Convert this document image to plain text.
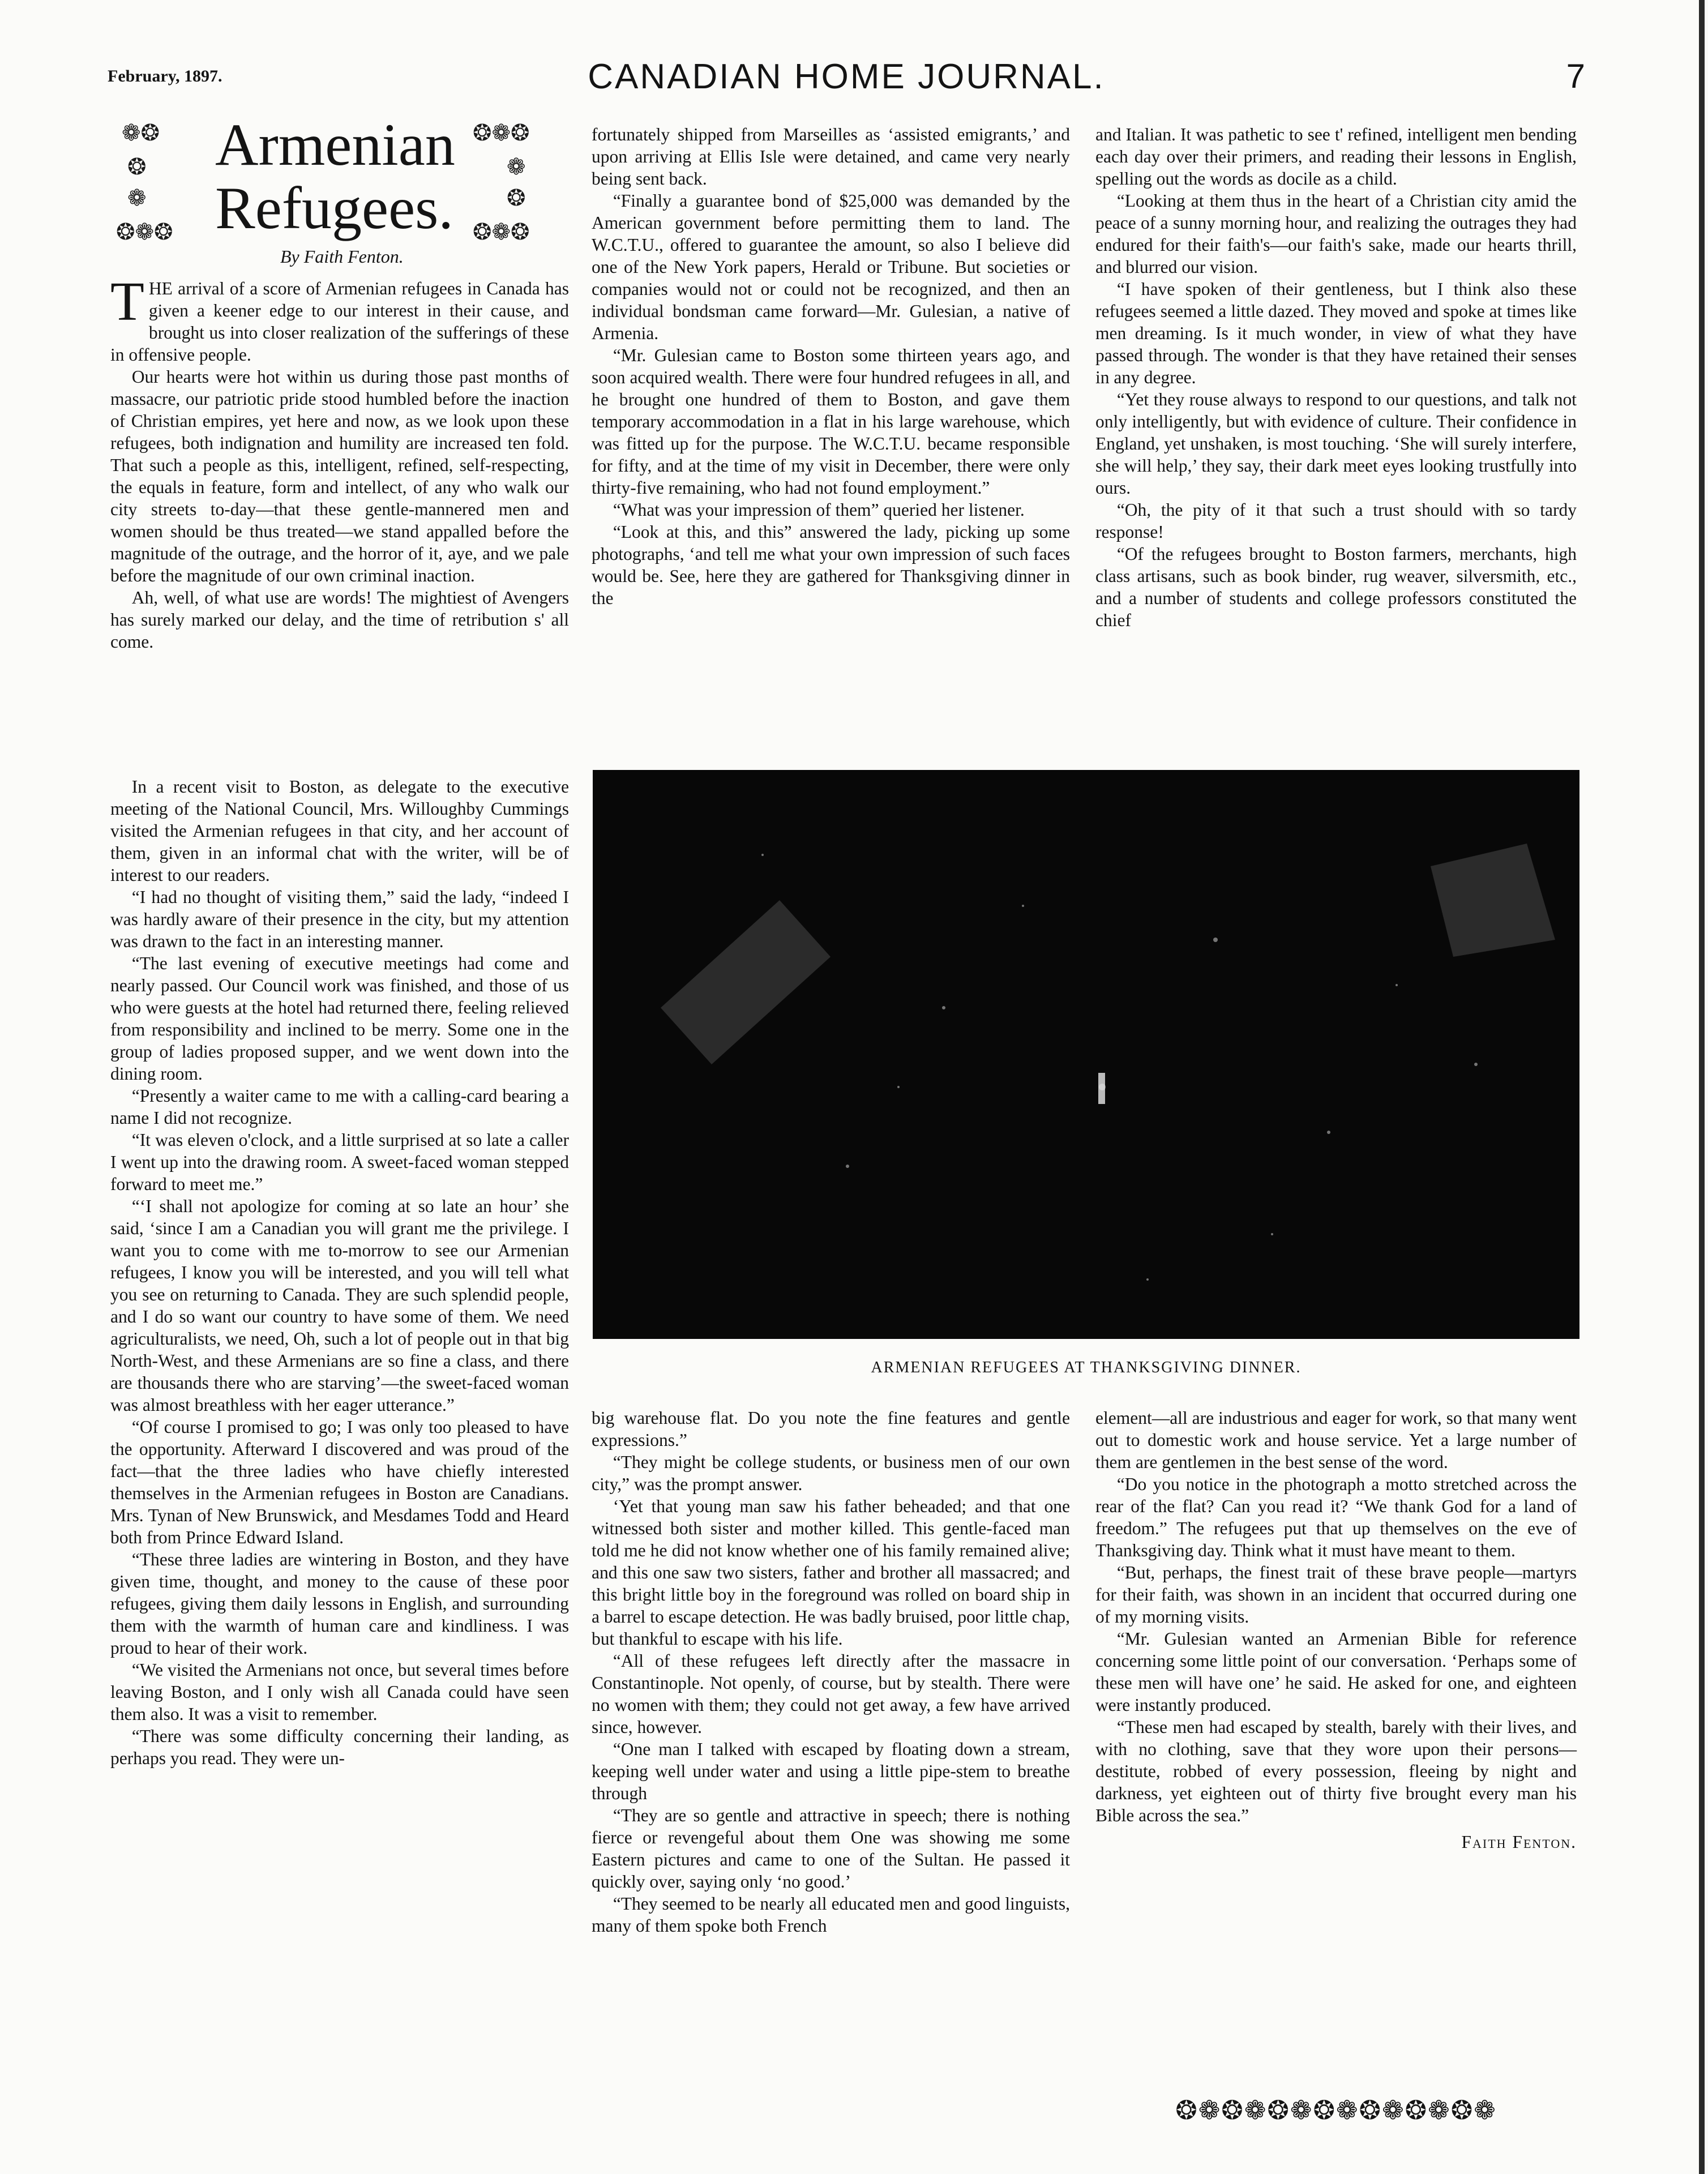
February, 1897.	CANADIAN HOME JOURNAL.	7
❁❂
❂
❁
❂❁❂
Armenian
Refugees.
❂❁❂
❁
❂
❂❁❂
By Faith Fenton.

THE arrival of a score of Armenian refugees in Canada has given a keener edge to our interest in their cause, and brought us into closer realization of the sufferings of these in offensive people.

Our hearts were hot within us during those past months of massacre, our patriotic pride stood humbled before the inaction of Christian empires, yet here and now, as we look upon these refugees, both indignation and humility are increased ten fold. That such a people as this, intelligent, refined, self-respecting, the equals in feature, form and intellect, of any who walk our city streets to-day—that these gentle-mannered men and women should be thus treated—we stand appalled before the magnitude of the outrage, and the horror of it, aye, and we pale before the magnitude of our own criminal inaction.

Ah, well, of what use are words! The mightiest of Avengers has surely marked our delay, and the time of retribution s' all come.

In a recent visit to Boston, as delegate to the executive meeting of the National Council, Mrs. Willoughby Cummings visited the Armenian refugees in that city, and her account of them, given in an informal chat with the writer, will be of interest to our readers.

“I had no thought of visiting them,” said the lady, “indeed I was hardly aware of their presence in the city, but my attention was drawn to the fact in an interesting manner.

“The last evening of executive meetings had come and nearly passed. Our Council work was finished, and those of us who were guests at the hotel had returned there, feeling relieved from responsibility and inclined to be merry. Some one in the group of ladies proposed supper, and we went down into the dining room.

“Presently a waiter came to me with a calling-card bearing a name I did not recognize.

“It was eleven o'clock, and a little surprised at so late a caller I went up into the drawing room. A sweet-faced woman stepped forward to meet me.”

“‘I shall not apologize for coming at so late an hour’ she said, ‘since I am a Canadian you will grant me the privilege. I want you to come with me to-morrow to see our Armenian refugees, I know you will be interested, and you will tell what you see on returning to Canada. They are such splendid people, and I do so want our country to have some of them. We need agriculturalists, we need, Oh, such a lot of people out in that big North-West, and these Armenians are so fine a class, and there are thousands there who are starving’—the sweet-faced woman was almost breathless with her eager utterance.”

“Of course I promised to go; I was only too pleased to have the opportunity. Afterward I discovered and was proud of the fact—that the three ladies who have chiefly interested themselves in the Armenian refugees in Boston are Canadians. Mrs. Tynan of New Brunswick, and Mesdames Todd and Heard both from Prince Edward Island.

“These three ladies are wintering in Boston, and they have given time, thought, and money to the cause of these poor refugees, giving them daily lessons in English, and surrounding them with the warmth of human care and kindliness. I was proud to hear of their work.

“We visited the Armenians not once, but several times before leaving Boston, and I only wish all Canada could have seen them also. It was a visit to remember.

“There was some difficulty concerning their landing, as perhaps you read. They were un-

fortunately shipped from Marseilles as ‘assisted emigrants,’ and upon arriving at Ellis Isle were detained, and came very nearly being sent back.

“Finally a guarantee bond of $25,000 was demanded by the American government before permitting them to land. The W.C.T.U., offered to guarantee the amount, so also I believe did one of the New York papers, Herald or Tribune. But societies or companies would not or could not be recognized, and then an individual bondsman came forward—Mr. Gulesian, a native of Armenia.

“Mr. Gulesian came to Boston some thirteen years ago, and soon acquired wealth. There were four hundred refugees in all, and he brought one hundred of them to Boston, and gave them temporary accommodation in a flat in his large warehouse, which was fitted up for the purpose. The W.C.T.U. became responsible for fifty, and at the time of my visit in December, there were only thirty-five remaining, who had not found employment.”

“What was your impression of them” queried her listener.

“Look at this, and this” answered the lady, picking up some photographs, ‘and tell me what your own impression of such faces would be. See, here they are gathered for Thanksgiving dinner in the

and Italian. It was pathetic to see t' refined, intelligent men bending each day over their primers, and reading their lessons in English, spelling out the words as docile as a child.

“Looking at them thus in the heart of a Christian city amid the peace of a sunny morning hour, and realizing the outrages they had endured for their faith's—our faith's sake, made our hearts thrill, and blurred our vision.

“I have spoken of their gentleness, but I think also these refugees seemed a little dazed. They moved and spoke at times like men dreaming. Is it much wonder, in view of what they have passed through. The wonder is that they have retained their senses in any degree.

“Yet they rouse always to respond to our questions, and talk not only intelligently, but with evidence of culture. Their confidence in England, yet unshaken, is most touching. ‘She will surely interfere, she will help,’ they say, their dark meet eyes looking trustfully into ours.

“Oh, the pity of it that such a trust should with so tardy response!

“Of the refugees brought to Boston farmers, merchants, high class artisans, such as book binder, rug weaver, silversmith, etc., and a number of students and college professors constituted the chief

ARMENIAN REFUGEES AT THANKSGIVING DINNER.

big warehouse flat. Do you note the fine features and gentle expressions.”

“They might be college students, or business men of our own city,” was the prompt answer.

‘Yet that young man saw his father beheaded; and that one witnessed both sister and mother killed. This gentle-faced man told me he did not know whether one of his family remained alive; and this one saw two sisters, father and brother all massacred; and this bright little boy in the foreground was rolled on board ship in a barrel to escape detection. He was badly bruised, poor little chap, but thankful to escape with his life.

“All of these refugees left directly after the massacre in Constantinople. Not openly, of course, but by stealth. There were no women with them; they could not get away, a few have arrived since, however.

“One man I talked with escaped by floating down a stream, keeping well under water and using a little pipe-stem to breathe through

“They are so gentle and attractive in speech; there is nothing fierce or revengeful about them One was showing me some Eastern pictures and came to one of the Sultan. He passed it quickly over, saying only ‘no good.’

“They seemed to be nearly all educated men and good linguists, many of them spoke both French

element—all are industrious and eager for work, so that many went out to domestic work and house service. Yet a large number of them are gentlemen in the best sense of the word.

“Do you notice in the photograph a motto stretched across the rear of the flat? Can you read it? “We thank God for a land of freedom.” The refugees put that up themselves on the eve of Thanksgiving day. Think what it must have meant to them.

“But, perhaps, the finest trait of these brave people—martyrs for their faith, was shown in an incident that occurred during one of my morning visits.

“Mr. Gulesian wanted an Armenian Bible for reference concerning some little point of our conversation. ‘Perhaps some of these men will have one’ he said. He asked for one, and eighteen were instantly produced.

“These men had escaped by stealth, barely with their lives, and with no clothing, save that they wore upon their persons—destitute, robbed of every possession, fleeing by night and darkness, yet eighteen out of thirty five brought every man his Bible across the sea.”

Faith Fenton.
❂❁❂❁❂❁❂❁❂❁❂❁❂❁
